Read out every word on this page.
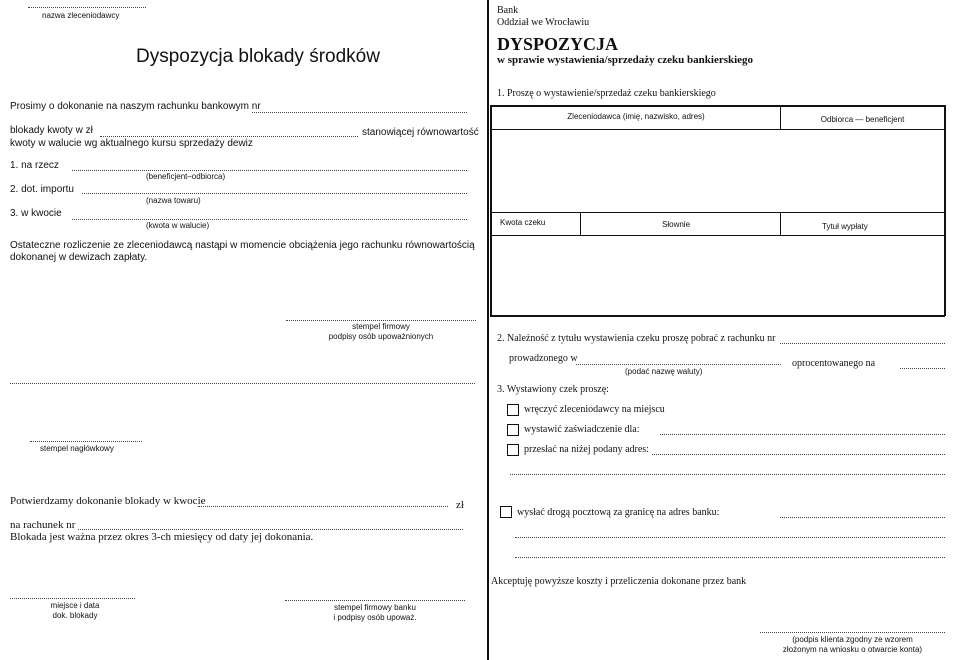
nazwa zleceniodawcy
Dyspozycja blokady środków
Prosimy o dokonanie na naszym rachunku bankowym nr
blokady kwoty w zł	stanowiącej równowartość
kwoty w walucie wg aktualnego kursu sprzedaży dewiz
1. na rzecz
(beneficjent–odbiorca)
2. dot. importu
(nazwa towaru)
3. w kwocie
(kwota w walucie)
Ostateczne rozliczenie ze zleceniodawcą nastąpi w momencie obciążenia jego rachunku równowartością dokonanej w dewizach zapłaty.
stempel firmowy
podpisy osób upoważnionych
stempel nagłówkowy
Potwierdzamy dokonanie blokady w kwocie	zł
na rachunek nr
Blokada jest ważna przez okres 3-ch miesięcy od daty jej dokonania.
miejsce i data
dok. blokady
stempel firmowy banku
i podpisy osób upoważ.
Bank
Oddział we Wrocławiu
DYSPOZYCJA
w sprawie wystawienia/sprzedaży czeku bankierskiego
1. Proszę o wystawienie/sprzedaż czeku bankierskiego
Zleceniodawca (imię, nazwisko, adres)	Odbiorca — beneficjent
Kwota czeku	Słownie	Tytuł wypłaty
2. Należność z tytułu wystawienia czeku proszę pobrać z rachunku nr
prowadzonego w
(podać nazwę waluty)
oprocentowanego na
3. Wystawiony czek proszę:
wręczyć zleceniodawcy na miejscu
wystawić zaświadczenie dla:
przesłać na niżej podany adres:
wysłać drogą pocztową za granicę na adres banku:
Akceptuję powyższe koszty i przeliczenia dokonane przez bank
(podpis klienta zgodny ze wzorem
złożonym na wniosku o otwarcie konta)
